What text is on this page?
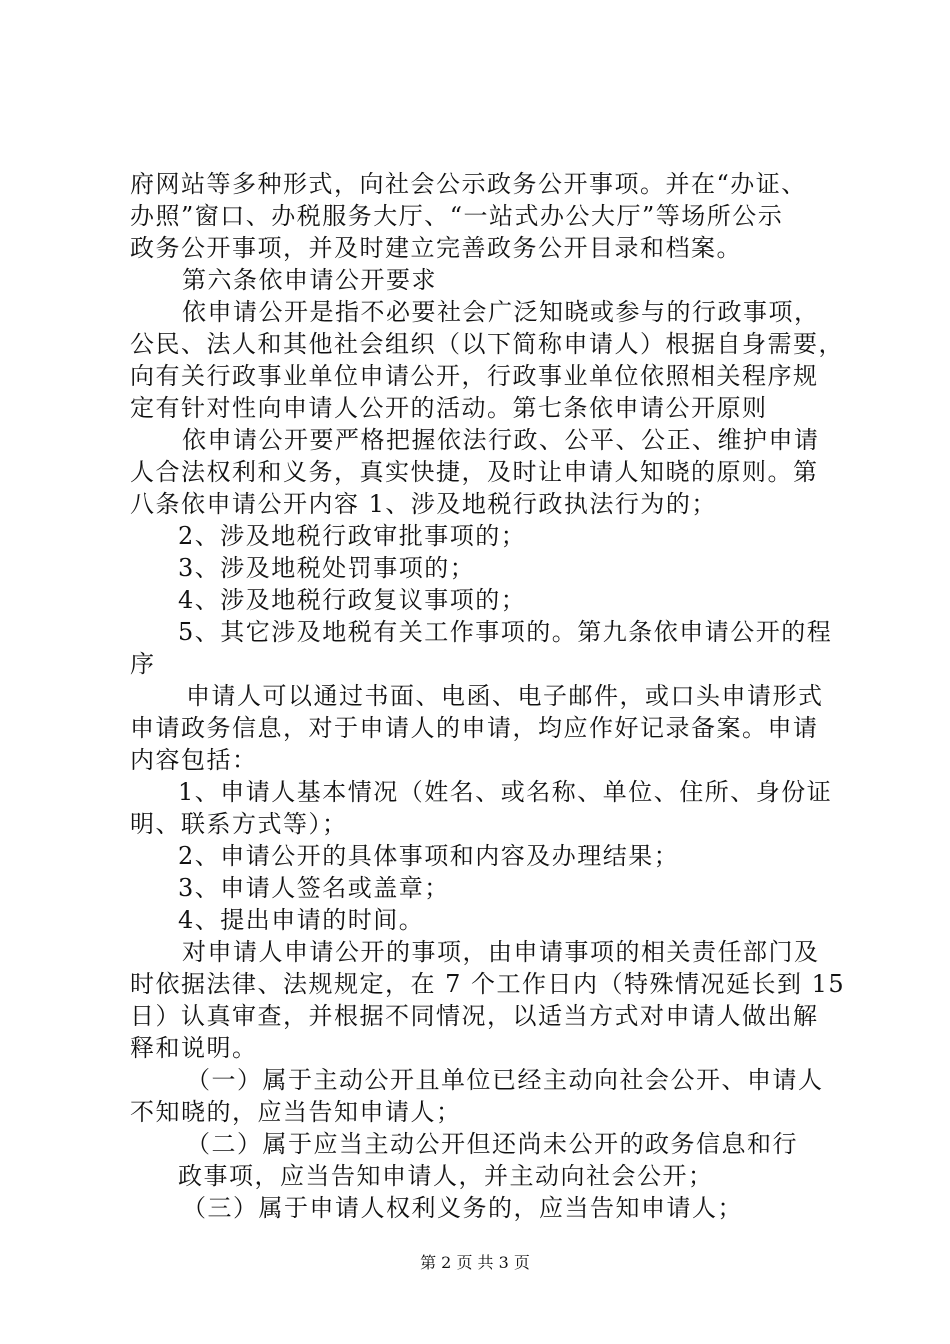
府网站等多种形式，向社会公示政务公开事项。并在“办证、
办照”窗口、办税服务大厅、“一站式办公大厅”等场所公示
政务公开事项，并及时建立完善政务公开目录和档案。
第六条依申请公开要求
依申请公开是指不必要社会广泛知晓或参与的行政事项，
公民、法人和其他社会组织（以下简称申请人）根据自身需要，
向有关行政事业单位申请公开，行政事业单位依照相关程序规
定有针对性向申请人公开的活动。第七条依申请公开原则
依申请公开要严格把握依法行政、公平、公正、维护申请
人合法权利和义务，真实快捷，及时让申请人知晓的原则。第
八条依申请公开内容 1、涉及地税行政执法行为的；
2、涉及地税行政审批事项的；
3、涉及地税处罚事项的；
4、涉及地税行政复议事项的；
5、其它涉及地税有关工作事项的。第九条依申请公开的程
序
申请人可以通过书面、电函、电子邮件，或口头申请形式
申请政务信息，对于申请人的申请，均应作好记录备案。申请
内容包括：
1、申请人基本情况（姓名、或名称、单位、住所、身份证
明、联系方式等）；
2、申请公开的具体事项和内容及办理结果；
3、申请人签名或盖章；
4、提出申请的时间。
对申请人申请公开的事项，由申请事项的相关责任部门及
时依据法律、法规规定，在 7 个工作日内（特殊情况延长到 15
日）认真审查，并根据不同情况，以适当方式对申请人做出解
释和说明。
（一）属于主动公开且单位已经主动向社会公开、申请人
不知晓的，应当告知申请人；
（二）属于应当主动公开但还尚未公开的政务信息和行
政事项，应当告知申请人，并主动向社会公开；
（三）属于申请人权利义务的，应当告知申请人；
第 2 页 共 3 页
